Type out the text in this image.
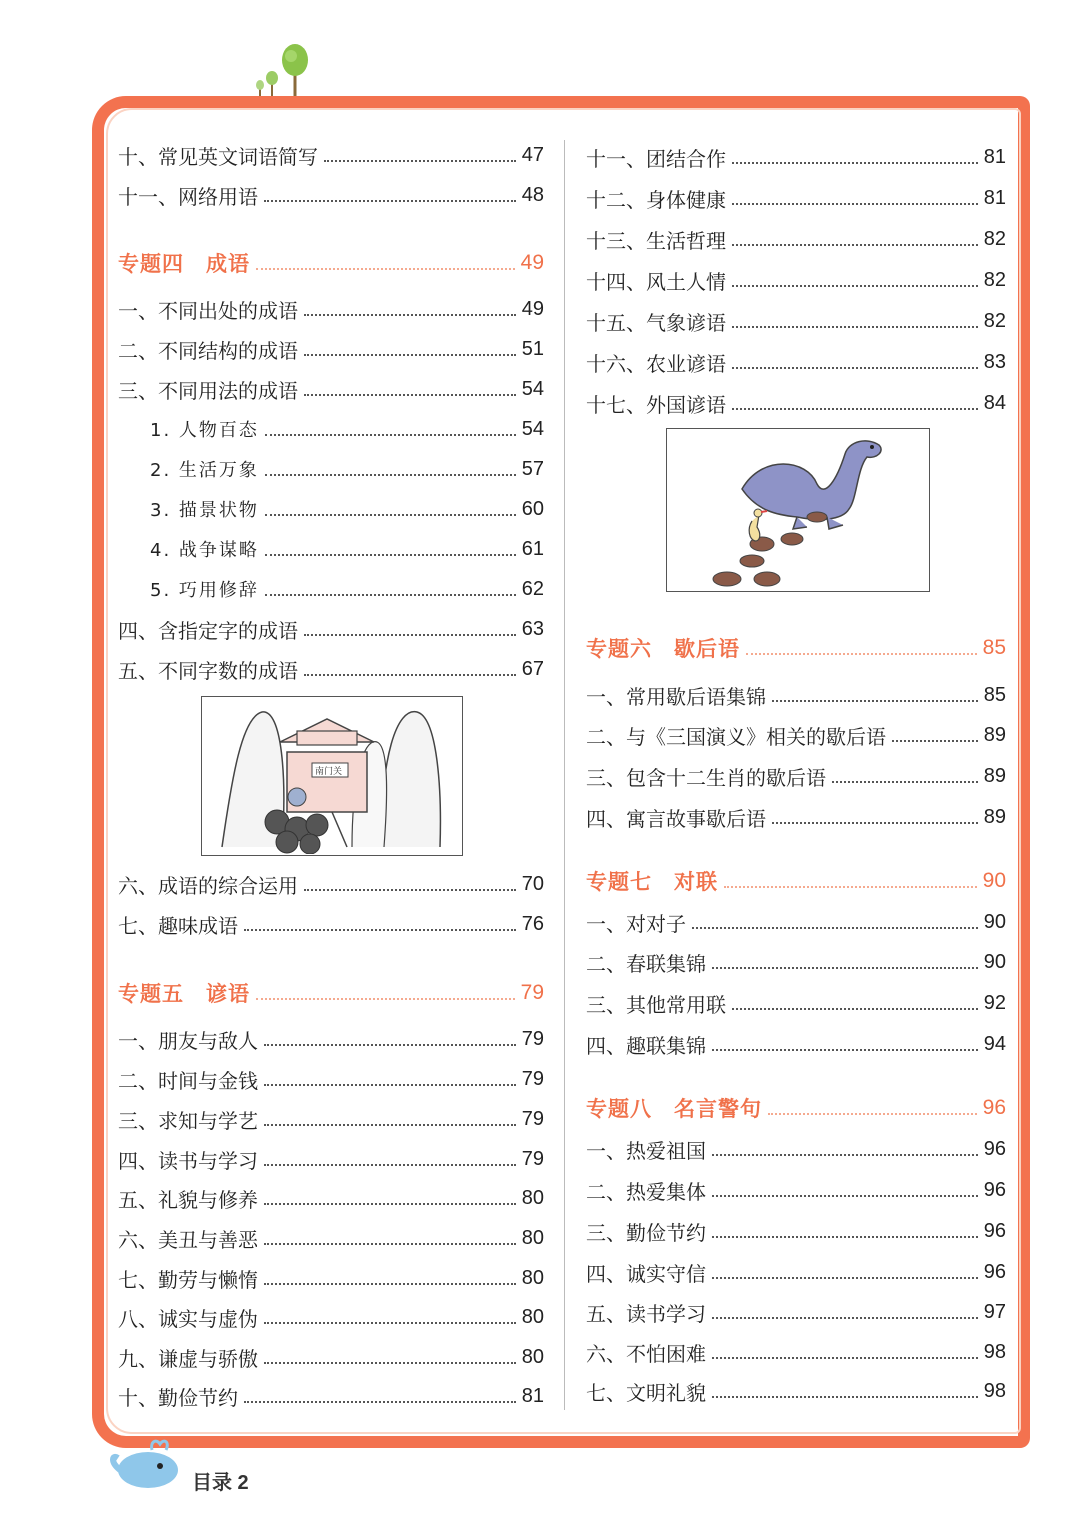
十、常见英文词语简写	47
十一、网络用语	48
专题四　成语	49
一、不同出处的成语	49
二、不同结构的成语	51
三、不同用法的成语	54
1. 人物百态	54
2. 生活万象	57
3. 描景状物	60
4. 战争谋略	61
5. 巧用修辞	62
四、含指定字的成语	63
五、不同字数的成语	67
六、成语的综合运用	70
七、趣味成语	76
专题五　谚语	79
一、朋友与敌人	79
二、时间与金钱	79
三、求知与学艺	79
四、读书与学习	79
五、礼貌与修养	80
六、美丑与善恶	80
七、勤劳与懒惰	80
八、诚实与虚伪	80
九、谦虚与骄傲	80
十、勤俭节约	81
十一、团结合作	81
十二、身体健康	81
十三、生活哲理	82
十四、风土人情	82
十五、气象谚语	82
十六、农业谚语	83
十七、外国谚语	84
专题六　歇后语	85
一、常用歇后语集锦	85
二、与《三国演义》相关的歇后语	89
三、包含十二生肖的歇后语	89
四、寓言故事歇后语	89
专题七　对联	90
一、对对子	90
二、春联集锦	90
三、其他常用联	92
四、趣联集锦	94
专题八　名言警句	96
一、热爱祖国	96
二、热爱集体	96
三、勤俭节约	96
四、诚实守信	96
五、读书学习	97
六、不怕困难	98
七、文明礼貌	98
南门关
目录 2
